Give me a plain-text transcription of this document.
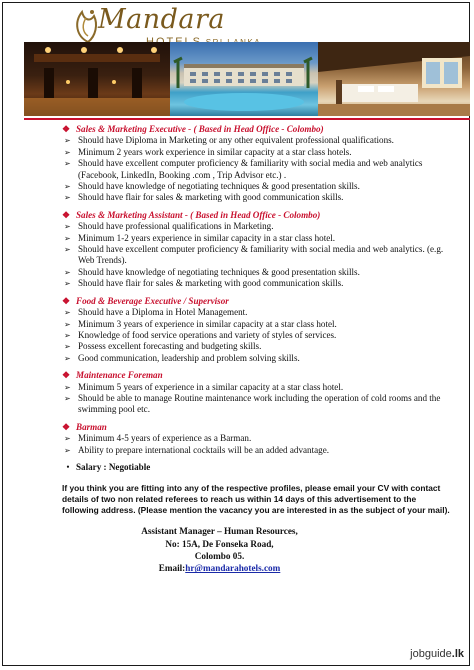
Mandara
❖ Sales & Marketing Executive - ( Based in Head Office - Colombo)
➢ Should have Diploma in Marketing or any other equivalent professional qualifications.
➢ Minimum 2 years work experience in similar capacity at a star class hotels.
➢ Should have excellent computer proficiency & familiarity with social media and web analytics (Facebook, LinkedIn, Booking .com , Trip Advisor etc.) .
➢ Should have knowledge of negotiating techniques & good presentation skills.
➢ Should have flair for sales & marketing with good communication skills.
❖ Sales & Marketing Assistant - ( Based in Head Office - Colombo)
➢ Should have professional qualifications in Marketing.
➢ Minimum 1-2 years experience in similar capacity in a star class hotel.
➢ Should have excellent computer proficiency & familiarity with social media and web analytics. (e.g. Web Trends).
➢ Should have knowledge of negotiating techniques & good presentation skills.
➢ Should have flair for sales & marketing with good communication skills.
❖ Food & Beverage Executive / Supervisor
➢ Should have a Diploma in Hotel Management.
➢ Minimum 3 years of experience in similar capacity at a star class hotel.
➢ Knowledge of food service operations and variety of styles of services.
➢ Possess excellent forecasting and budgeting skills.
➢ Good communication, leadership and problem solving skills.
❖ Maintenance Foreman
➢ Minimum 5 years of experience in a similar capacity at a star class hotel.
➢ Should be able to manage Routine maintenance work including the operation of cold rooms and the swimming pool etc.
❖ Barman
➢ Minimum 4-5 years of experience as a Barman.
➢ Ability to prepare international cocktails will be an added advantage.
• Salary : Negotiable
If you think you are fitting into any of the respective profiles, please email your CV with contact details of two non related referees to reach us within 14 days of this advertisement to the following address. (Please mention the vacancy you are interested in as the subject of your mail).
Assistant Manager – Human Resources,
No: 15A, De Fonseka Road,
Colombo 05.
Email:hr@mandarahotels.com
jobguide.lk
